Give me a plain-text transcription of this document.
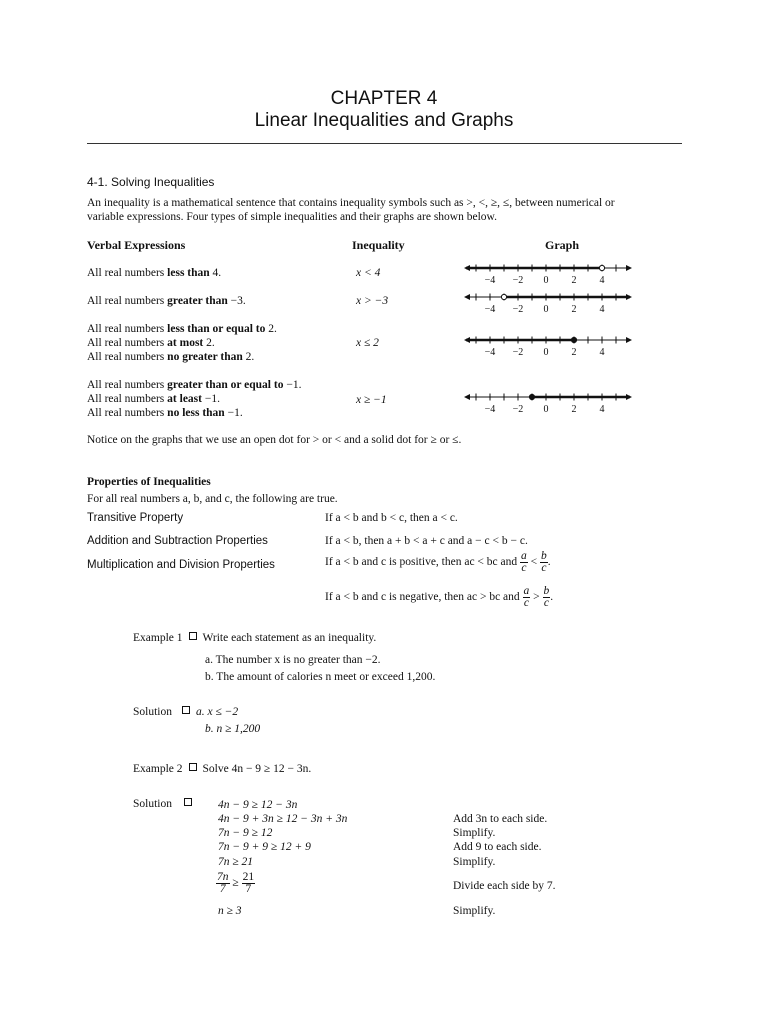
CHAPTER 4
Linear Inequalities and Graphs
4-1. Solving Inequalities
An inequality is a mathematical sentence that contains inequality symbols such as >, <, ≥, ≤, between numerical or variable expressions. Four types of simple inequalities and their graphs are shown below.
Verbal Expressions	Inequality	Graph
All real numbers less than 4.	x < 4
−4 −2 0 2 4
All real numbers greater than −3.	x > −3
−4 −2 0 2 4
All real numbers less than or equal to 2.
All real numbers at most 2.
All real numbers no greater than 2.
x ≤ 2
−4 −2 0 2 4
All real numbers greater than or equal to −1.
All real numbers at least −1.
All real numbers no less than −1.
x ≥ −1
−4 −2 0 2 4
Notice on the graphs that we use an open dot for > or < and a solid dot for ≥ or ≤.
Properties of Inequalities
For all real numbers a, b, and c, the following are true.
Transitive Property	If a < b and b < c, then a < c.
Addition and Subtraction Properties	If a < b, then a + b < a + c and a − c < b − c.
Multiplication and Division Properties	If a < b and c is positive, then ac < bc and $\frac{a}{c} < \frac{b}{c}$ .
If a < b and c is negative, then ac > bc and $\frac{a}{c} > \frac{b}{c}$ .
Example 1 Write each statement as an inequality.
a. The number x is no greater than −2.
b. The amount of calories n meet or exceed 1,200.
Solution a. x ≤ −2
b. n ≥ 1,200
Example 2 Solve 4n − 9 ≥ 12 − 3n.
Solution	4n − 9 ≥ 12 − 3n
4n − 9 + 3n ≥ 12 − 3n + 3n	Add 3n to each side.
7n − 9 ≥ 12	Simplify.
7n − 9 + 9 ≥ 12 + 9	Add 9 to each side.
7n ≥ 21	Simplify.
$\frac{7n}{7} \ge \frac{21}{7}$	Divide each side by 7.
n ≥ 3	Simplify.
